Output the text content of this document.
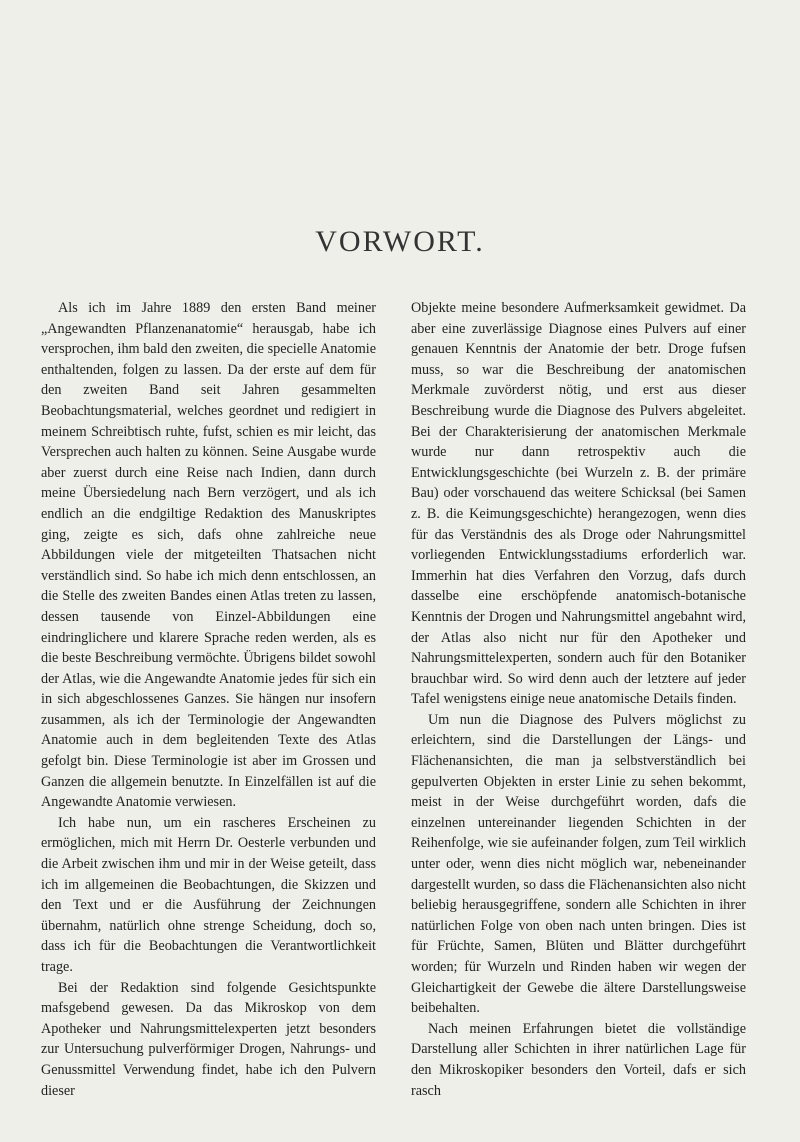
VORWORT.

Als ich im Jahre 1889 den ersten Band meiner „Angewandten Pflanzenanatomie“ herausgab, habe ich versprochen, ihm bald den zweiten, die specielle Anatomie enthaltenden, folgen zu lassen. Da der erste auf dem für den zweiten Band seit Jahren gesammelten Beobachtungsmaterial, welches geordnet und redigiert in meinem Schreibtisch ruhte, fufst, schien es mir leicht, das Versprechen auch halten zu können. Seine Ausgabe wurde aber zuerst durch eine Reise nach Indien, dann durch meine Übersiedelung nach Bern verzögert, und als ich endlich an die endgiltige Redaktion des Manuskriptes ging, zeigte es sich, dafs ohne zahlreiche neue Abbildungen viele der mitgeteilten Thatsachen nicht verständlich sind. So habe ich mich denn entschlossen, an die Stelle des zweiten Bandes einen Atlas treten zu lassen, dessen tausende von Einzel-Abbildungen eine eindringlichere und klarere Sprache reden werden, als es die beste Beschreibung vermöchte. Übrigens bildet sowohl der Atlas, wie die Angewandte Anatomie jedes für sich ein in sich abgeschlossenes Ganzes. Sie hängen nur insofern zusammen, als ich der Terminologie der Angewandten Anatomie auch in dem begleitenden Texte des Atlas gefolgt bin. Diese Terminologie ist aber im Grossen und Ganzen die allgemein benutzte. In Einzelfällen ist auf die Angewandte Anatomie verwiesen.

Ich habe nun, um ein rascheres Erscheinen zu ermöglichen, mich mit Herrn Dr. Oesterle verbunden und die Arbeit zwischen ihm und mir in der Weise geteilt, dass ich im allgemeinen die Beobachtungen, die Skizzen und den Text und er die Ausführung der Zeichnungen übernahm, natürlich ohne strenge Scheidung, doch so, dass ich für die Beobachtungen die Verantwortlichkeit trage.

Bei der Redaktion sind folgende Gesichtspunkte mafsgebend gewesen. Da das Mikroskop von dem Apotheker und Nahrungsmittelexperten jetzt besonders zur Untersuchung pulverförmiger Drogen, Nahrungs- und Genussmittel Verwendung findet, habe ich den Pulvern dieser

Objekte meine besondere Aufmerksamkeit gewidmet. Da aber eine zuverlässige Diagnose eines Pulvers auf einer genauen Kenntnis der Anatomie der betr. Droge fufsen muss, so war die Beschreibung der anatomischen Merkmale zuvörderst nötig, und erst aus dieser Beschreibung wurde die Diagnose des Pulvers abgeleitet. Bei der Charakterisierung der anatomischen Merkmale wurde nur dann retrospektiv auch die Entwicklungsgeschichte (bei Wurzeln z. B. der primäre Bau) oder vorschauend das weitere Schicksal (bei Samen z. B. die Keimungsgeschichte) herangezogen, wenn dies für das Verständnis des als Droge oder Nahrungsmittel vorliegenden Entwicklungsstadiums erforderlich war. Immerhin hat dies Verfahren den Vorzug, dafs durch dasselbe eine erschöpfende anatomisch-botanische Kenntnis der Drogen und Nahrungsmittel angebahnt wird, der Atlas also nicht nur für den Apotheker und Nahrungsmittelexperten, sondern auch für den Botaniker brauchbar wird. So wird denn auch der letztere auf jeder Tafel wenigstens einige neue anatomische Details finden.

Um nun die Diagnose des Pulvers möglichst zu erleichtern, sind die Darstellungen der Längs- und Flächenansichten, die man ja selbstverständlich bei gepulverten Objekten in erster Linie zu sehen bekommt, meist in der Weise durchgeführt worden, dafs die einzelnen untereinander liegenden Schichten in der Reihenfolge, wie sie aufeinander folgen, zum Teil wirklich unter oder, wenn dies nicht möglich war, nebeneinander dargestellt wurden, so dass die Flächenansichten also nicht beliebig herausgegriffene, sondern alle Schichten in ihrer natürlichen Folge von oben nach unten bringen. Dies ist für Früchte, Samen, Blüten und Blätter durchgeführt worden; für Wurzeln und Rinden haben wir wegen der Gleichartigkeit der Gewebe die ältere Darstellungsweise beibehalten.

Nach meinen Erfahrungen bietet die vollständige Darstellung aller Schichten in ihrer natürlichen Lage für den Mikroskopiker besonders den Vorteil, dafs er sich rasch
